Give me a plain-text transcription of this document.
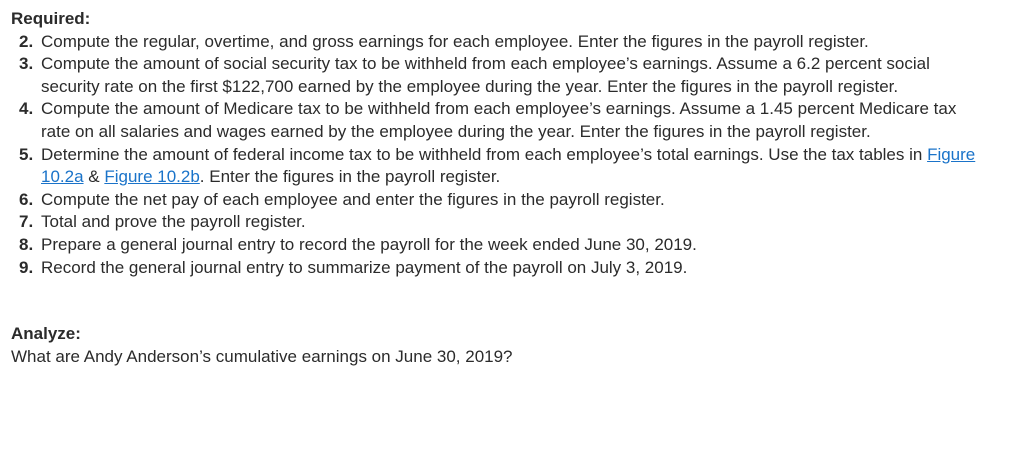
Required:

2. Compute the regular, overtime, and gross earnings for each employee. Enter the figures in the payroll register.
3. Compute the amount of social security tax to be withheld from each employee’s earnings. Assume a 6.2 percent social security rate on the first $122,700 earned by the employee during the year. Enter the figures in the payroll register.
4. Compute the amount of Medicare tax to be withheld from each employee’s earnings. Assume a 1.45 percent Medicare tax rate on all salaries and wages earned by the employee during the year. Enter the figures in the payroll register.
5. Determine the amount of federal income tax to be withheld from each employee’s total earnings. Use the tax tables in Figure 10.2a & Figure 10.2b. Enter the figures in the payroll register.
6. Compute the net pay of each employee and enter the figures in the payroll register.
7. Total and prove the payroll register.
8. Prepare a general journal entry to record the payroll for the week ended June 30, 2019.
9. Record the general journal entry to summarize payment of the payroll on July 3, 2019.

Analyze:

What are Andy Anderson’s cumulative earnings on June 30, 2019?
